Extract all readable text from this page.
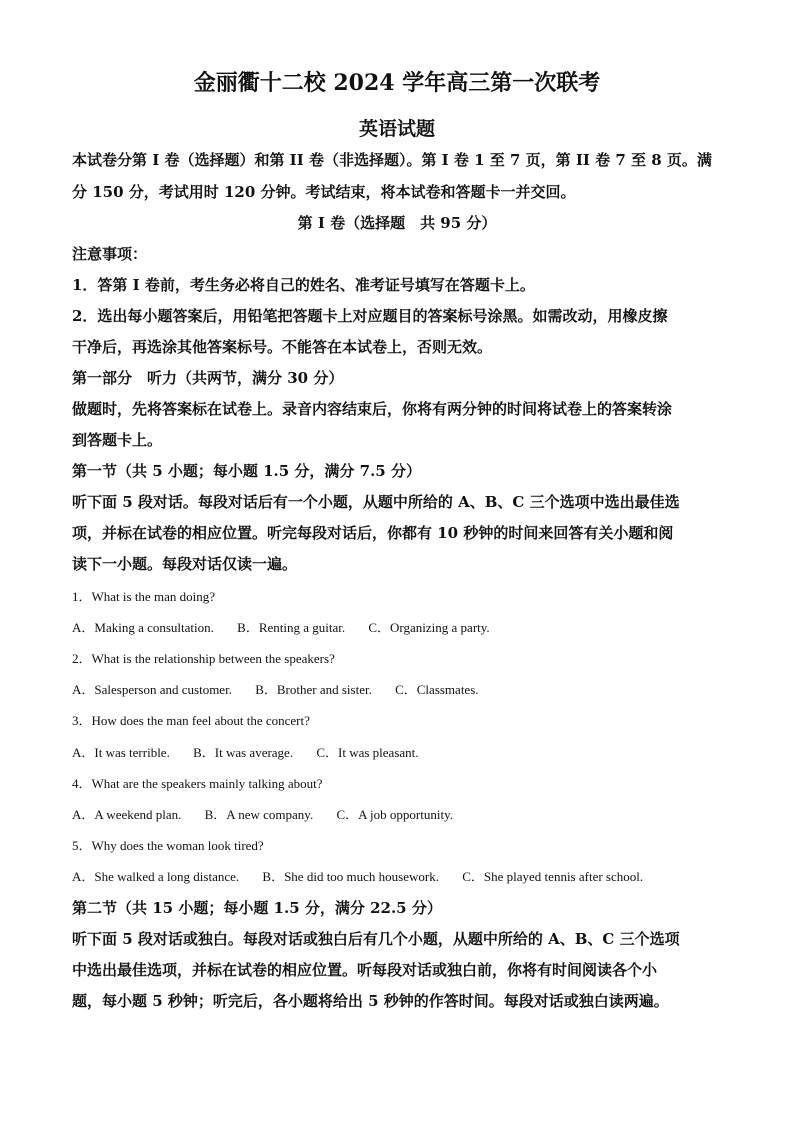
金丽衢十二校 2024 学年高三第一次联考
英语试题
本试卷分第 I 卷（选择题）和第 II 卷（非选择题）。第 I 卷 1 至 7 页，第 II 卷 7 至 8 页。满
分 150 分，考试用时 120 分钟。考试结束，将本试卷和答题卡一并交回。
第 I 卷（选择题　共 95 分）
注意事项：
1．答第 I 卷前，考生务必将自己的姓名、准考证号填写在答题卡上。
2．选出每小题答案后，用铅笔把答题卡上对应题目的答案标号涂黑。如需改动，用橡皮擦
干净后，再选涂其他答案标号。不能答在本试卷上，否则无效。
第一部分　听力（共两节，满分 30 分）
做题时，先将答案标在试卷上。录音内容结束后，你将有两分钟的时间将试卷上的答案转涂
到答题卡上。
第一节（共 5 小题；每小题 1.5 分，满分 7.5 分）
听下面 5 段对话。每段对话后有一个小题，从题中所给的 A、B、C 三个选项中选出最佳选
项，并标在试卷的相应位置。听完每段对话后，你都有 10 秒钟的时间来回答有关小题和阅
读下一小题。每段对话仅读一遍。
1．What is the man doing?
A．Making a consultation. B．Renting a guitar. C．Organizing a party.
2．What is the relationship between the speakers?
A．Salesperson and customer. B．Brother and sister. C．Classmates.
3．How does the man feel about the concert?
A．It was terrible. B．It was average. C．It was pleasant.
4．What are the speakers mainly talking about?
A．A weekend plan. B．A new company. C．A job opportunity.
5．Why does the woman look tired?
A．She walked a long distance. B．She did too much housework. C．She played tennis after school.
第二节（共 15 小题；每小题 1.5 分，满分 22.5 分）
听下面 5 段对话或独白。每段对话或独白后有几个小题，从题中所给的 A、B、C 三个选项
中选出最佳选项，并标在试卷的相应位置。听每段对话或独白前，你将有时间阅读各个小
题，每小题 5 秒钟；听完后，各小题将给出 5 秒钟的作答时间。每段对话或独白读两遍。
